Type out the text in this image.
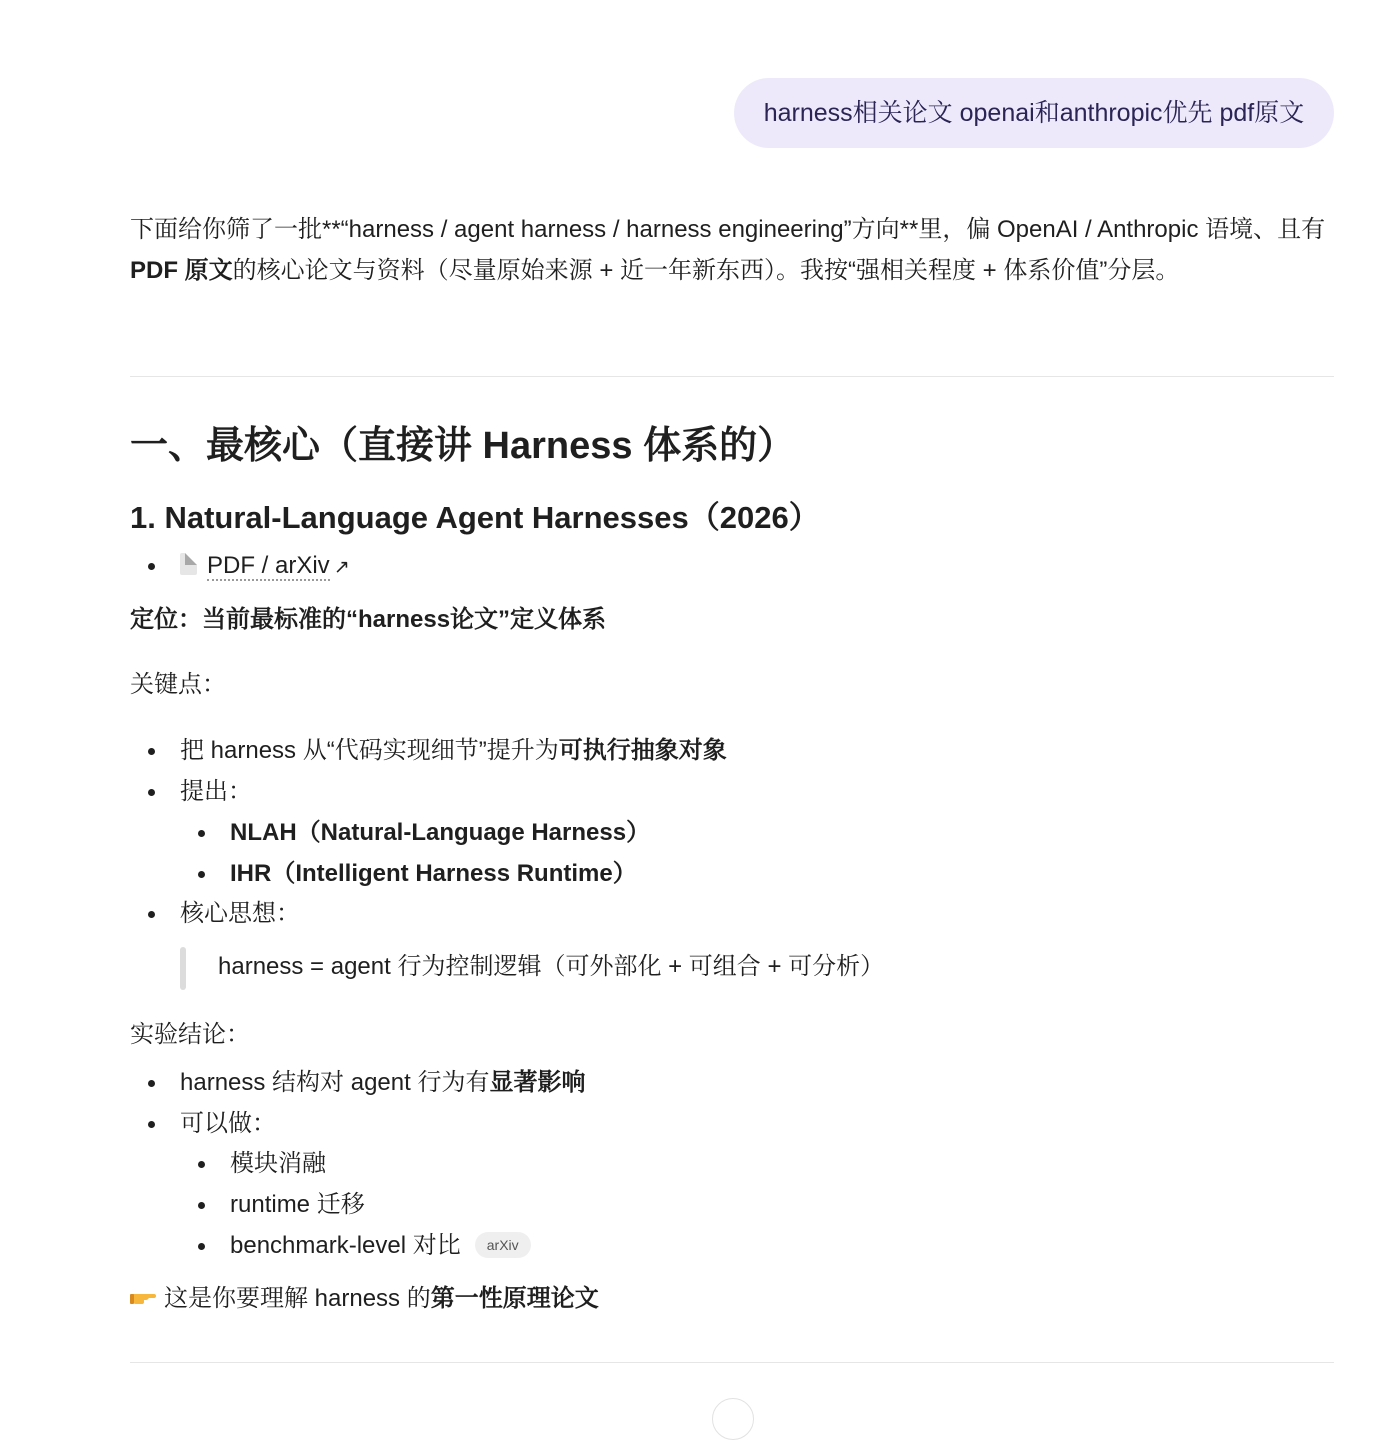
harness相关论文 openai和anthropic优先 pdf原文

下面给你筛了一批**“harness / agent harness / harness engineering”方向**里，偏 OpenAI / Anthropic 语境、且有 PDF 原文的核心论文与资料（尽量原始来源 + 近一年新东西）。我按“强相关程度 + 体系价值”分层。

一、最核心（直接讲 Harness 体系的）
1. Natural-Language Agent Harnesses（2026）
PDF / arXiv ↗
定位：当前最标准的“harness论文”定义体系
关键点：
把 harness 从“代码实现细节”提升为可执行抽象对象
提出：
NLAH（Natural-Language Harness）
IHR（Intelligent Harness Runtime）
核心思想：
harness = agent 行为控制逻辑（可外部化 + 可组合 + 可分析）
实验结论：
harness 结构对 agent 行为有显著影响
可以做：
模块消融
runtime 迁移
benchmark-level 对比 arXiv
这是你要理解 harness 的第一性原理论文
